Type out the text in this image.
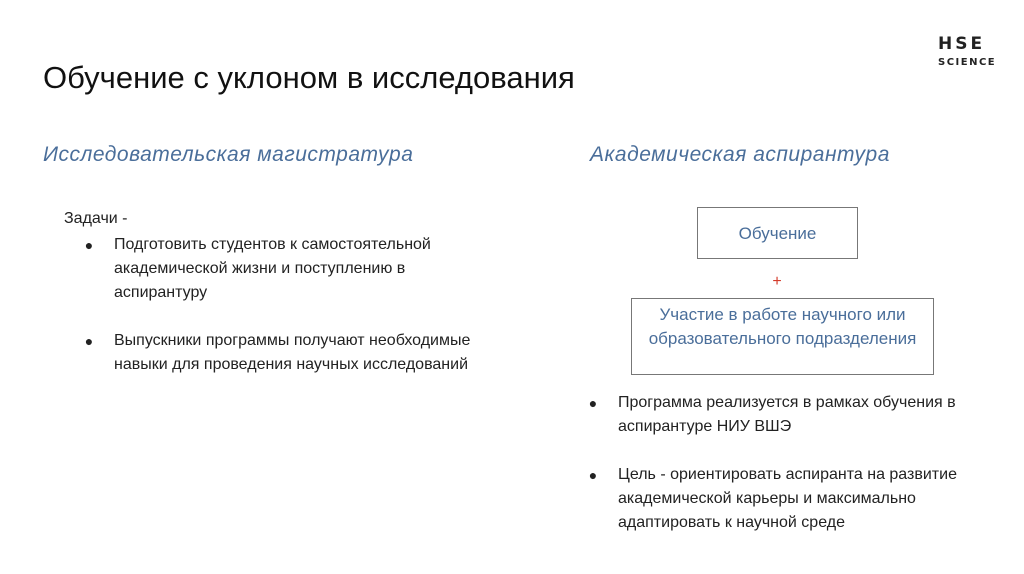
HSE
SCIENCE
Обучение с уклоном в исследования
Исследовательская магистратура	Академическая аспирантура
Задачи -
●	Подготовить студентов к самостоятельной академической жизни и поступлению в аспирантуру
●	Выпускники программы получают необходимые навыки для проведения научных исследований
Обучение
+
Участие в работе научного или образовательного подразделения
●	Программа реализуется в рамках обучения в аспирантуре НИУ ВШЭ
●	Цель - ориентировать аспиранта на развитие академической карьеры и максимально адаптировать к научной среде
